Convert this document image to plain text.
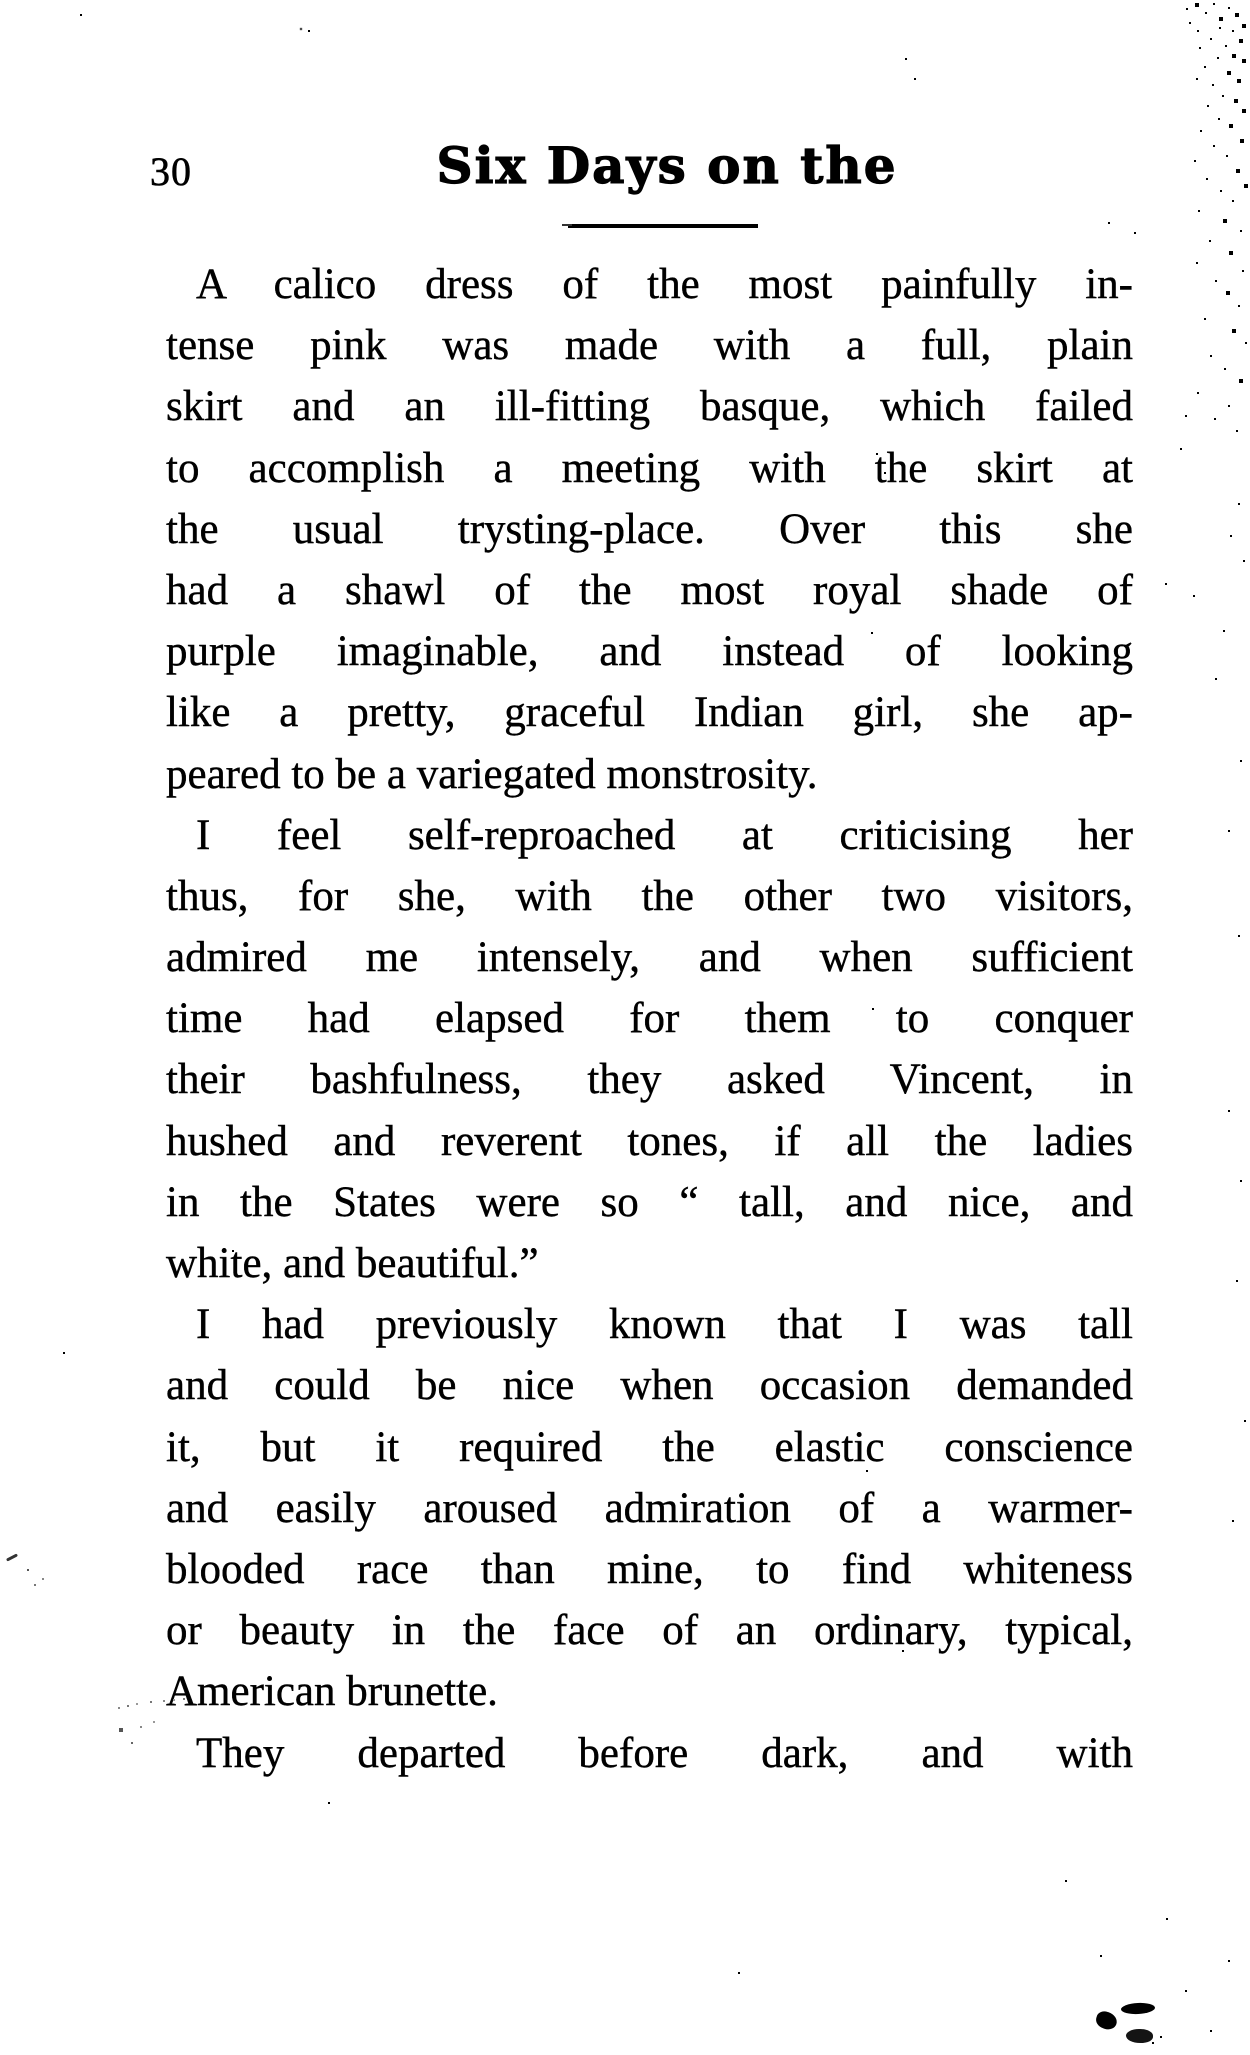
30	Six Days on the
A calico dress of the most painfully in-
tense pink was made with a full, plain
skirt and an ill-fitting basque, which failed
to accomplish a meeting with the skirt at
the usual trysting-place. Over this she
had a shawl of the most royal shade of
purple imaginable, and instead of looking
like a pretty, graceful Indian girl, she ap-
peared to be a variegated monstrosity.
I feel self-reproached at criticising her
thus, for she, with the other two visitors,
admired me intensely, and when sufficient
time had elapsed for them to conquer
their bashfulness, they asked Vincent, in
hushed and reverent tones, if all the ladies
in the States were so “ tall, and nice, and
white, and beautiful.”
I had previously known that I was tall
and could be nice when occasion demanded
it, but it required the elastic conscience
and easily aroused admiration of a warmer-
blooded race than mine, to find whiteness
or beauty in the face of an ordinary, typical,
American brunette.
They departed before dark, and with
